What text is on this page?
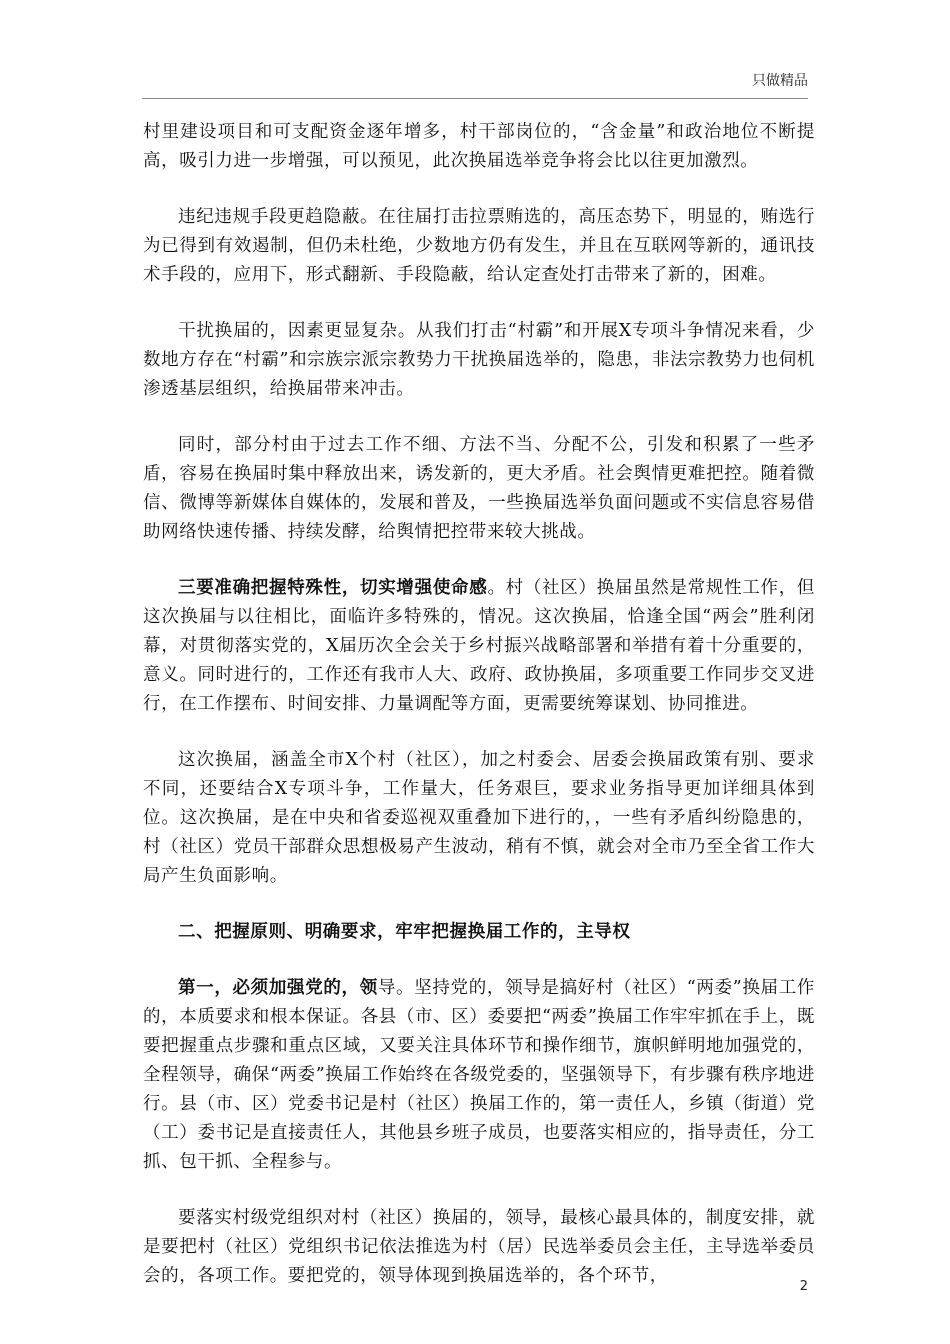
只做精品

村里建设项目和可支配资金逐年增多，村干部岗位的，“含金量”和政治地位不断提高，吸引力进一步增强，可以预见，此次换届选举竞争将会比以往更加激烈。

违纪违规手段更趋隐蔽。在往届打击拉票贿选的，高压态势下，明显的，贿选行为已得到有效遏制，但仍未杜绝，少数地方仍有发生，并且在互联网等新的，通讯技术手段的，应用下，形式翻新、手段隐蔽，给认定查处打击带来了新的，困难。

干扰换届的，因素更显复杂。从我们打击“村霸”和开展X专项斗争情况来看，少数地方存在“村霸”和宗族宗派宗教势力干扰换届选举的，隐患，非法宗教势力也伺机渗透基层组织，给换届带来冲击。

同时，部分村由于过去工作不细、方法不当、分配不公，引发和积累了一些矛盾，容易在换届时集中释放出来，诱发新的，更大矛盾。社会舆情更难把控。随着微信、微博等新媒体自媒体的，发展和普及，一些换届选举负面问题或不实信息容易借助网络快速传播、持续发酵，给舆情把控带来较大挑战。

三要准确把握特殊性，切实增强使命感。村（社区）换届虽然是常规性工作，但这次换届与以往相比，面临许多特殊的，情况。这次换届，恰逢全国“两会”胜利闭幕，对贯彻落实党的，X届历次全会关于乡村振兴战略部署和举措有着十分重要的，意义。同时进行的，工作还有我市人大、政府、政协换届，多项重要工作同步交叉进行，在工作摆布、时间安排、力量调配等方面，更需要统筹谋划、协同推进。

这次换届，涵盖全市X个村（社区），加之村委会、居委会换届政策有别、要求不同，还要结合X专项斗争，工作量大，任务艰巨，要求业务指导更加详细具体到位。这次换届，是在中央和省委巡视双重叠加下进行的，，一些有矛盾纠纷隐患的，村（社区）党员干部群众思想极易产生波动，稍有不慎，就会对全市乃至全省工作大局产生负面影响。

二、把握原则、明确要求，牢牢把握换届工作的，主导权

第一，必须加强党的，领导。坚持党的，领导是搞好村（社区）“两委”换届工作的，本质要求和根本保证。各县（市、区）委要把“两委”换届工作牢牢抓在手上，既要把握重点步骤和重点区域，又要关注具体环节和操作细节，旗帜鲜明地加强党的，全程领导，确保“两委”换届工作始终在各级党委的，坚强领导下，有步骤有秩序地进行。县（市、区）党委书记是村（社区）换届工作的，第一责任人，乡镇（街道）党（工）委书记是直接责任人，其他县乡班子成员，也要落实相应的，指导责任，分工抓、包干抓、全程参与。

要落实村级党组织对村（社区）换届的，领导，最核心最具体的，制度安排，就是要把村（社区）党组织书记依法推选为村（居）民选举委员会主任，主导选举委员会的，各项工作。要把党的，领导体现到换届选举的，各个环节，

2
